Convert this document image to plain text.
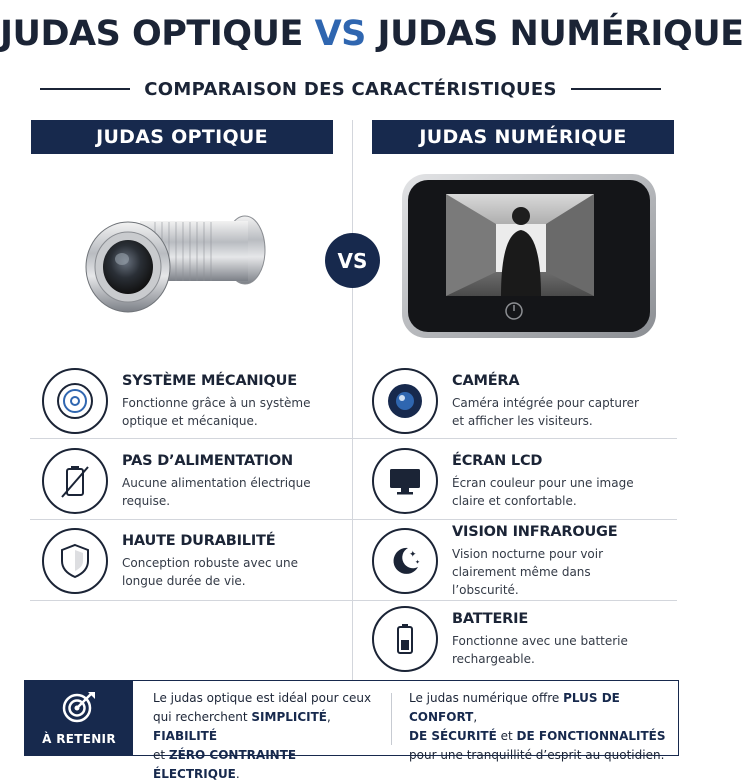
JUDAS OPTIQUE VS JUDAS NUMÉRIQUE
COMPARAISON DES CARACTÉRISTIQUES
JUDAS OPTIQUE	JUDAS NUMÉRIQUE
VS
SYSTÈME MÉCANIQUE
Fonctionne grâce à un système optique et mécanique.
PAS D’ALIMENTATION
Aucune alimentation électrique requise.
HAUTE DURABILITÉ
Conception robuste avec une longue durée de vie.
CAMÉRA
Caméra intégrée pour capturer et afficher les visiteurs.
ÉCRAN LCD
Écran couleur pour une image claire et confortable.
✦
✦
VISION INFRAROUGE
Vision nocturne pour voir clairement même dans l’obscurité.
BATTERIE
Fonctionne avec une batterie rechargeable.
À RETENIR
Le judas optique est idéal pour ceux qui recherchent SIMPLICITÉ, FIABILITÉ
et ZÉRO CONTRAINTE ÉLECTRIQUE.
Le judas numérique offre PLUS DE CONFORT,
DE SÉCURITÉ et DE FONCTIONNALITÉS
pour une tranquillité d’esprit au quotidien.
